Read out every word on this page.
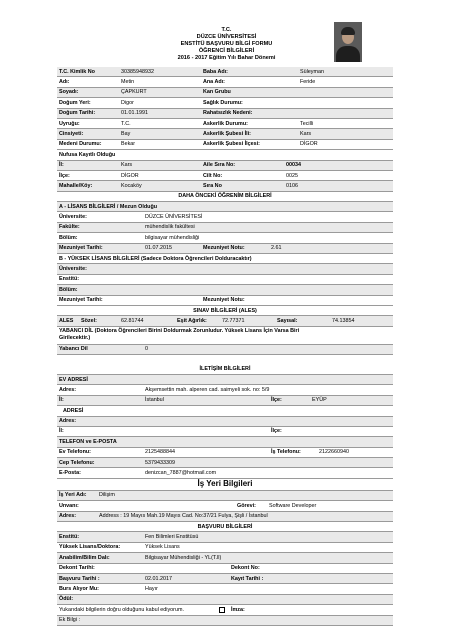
T.C.
DÜZCE ÜNİVERSİTESİ
ENSTİTÜ BAŞVURU BİLGİ FORMU
ÖĞRENCİ BİLGİLERİ
2016 - 2017 Eğitim Yılı Bahar Dönemi
T.C. Kimlik No	30385948932	Baba Adı:	Süleyman
Adı:	Metin	Ana Adı:	Feride
Soyadı:	ÇAPKURT	Kan Grubu
Doğum Yeri:	Digor	Sağlık Durumu:
Doğum Tarihi:	01.01.1991	Rahatsızlık Nedeni:
Uyruğu:	T.C.	Askerlik Durumu:	Tecilli
Cinsiyeti:	Bay	Askerlik Şubesi İli:	Kars
Medeni Durumu:	Bekar	Askerlik Şubesi İlçesi:	DİGOR
Nufusa Kayıtlı Olduğu
İl:	Kars	Aile Sıra No:	00034
İlçe:	DİGOR	Cilt No:	0025
Mahalle/Köy:	Kocaköy	Sıra No	0106
DAHA ÖNCEKİ ÖĞRENİM BİLGİLERİ
A - LİSANS BİLGİLERİ / Mezun Olduğu
Üniversite:	DÜZCE ÜNİVERSİTESİ
Fakülte:	mühendislik fakültesi
Bölüm:	bilgisayar mühendisliği
Mezuniyet Tarihi:	01.07.2015	Mezuniyet Notu:	2.61
B - YÜKSEK LİSANS BİLGİLERİ (Sadece Doktora Öğrencileri Dolduracaktır)
Üniversite:
Enstitü:
Bölüm:
Mezuniyet Tarihi:	Mezuniyet Notu:
SINAV BİLGİLERİ (ALES)
ALES Sözel:	62.81744	Eşit Ağırlık:	72.77371	Sayısal:	74.13854
YABANCI DİL (Doktora Öğrencileri Birini Doldurmak Zorunludur. Yüksek Lisans İçin Varsa Biri
Girilecektir.)
Yabancı Dil	0
İLETİŞİM BİLGİLERİ
EV ADRESİ
Adres:	Akşemsettin mah. alperen cad. saimyeli sok. no: 5/9
İl:	İstanbul	İlçe:	EYÜP
ADRESİ
Adres:
İl:	İlçe:
TELEFON ve E-POSTA
Ev Telefonu:	2125488844	İş Telefonu:	2122660940
Cep Telefonu:	5379433309
E-Posta:	denizcan_7887@hotmail.com
İş Yeri Bilgileri
İş Yeri Adı: Dilişim
Unvanı:	Görevi: Software Developer
Adres:	Address : 19 Mayıs Mah.19 Mayıs Cad. No:37/21 Fulya, Şişli / İstanbul
BAŞVURU BİLGİLERİ
Enstitü:	Fen Bilimleri Enstitüsü
Yüksek Lisans/Doktora:	Yüksek Lisans
Anabilim/Bilim Dalı:	Bilgisayar Mühendisliği - YL(T.ll)
Dekont Tarihi:	Dekont No:
Başvuru Tarihi :	02.01.2017	Kayıt Tarihi :
Burs Alıyor Mu:	Hayır
Ödül:
Yukarıdaki bilgilerin doğru olduğunu kabul ediyorum.	İmza:
Ek Bilgi :
